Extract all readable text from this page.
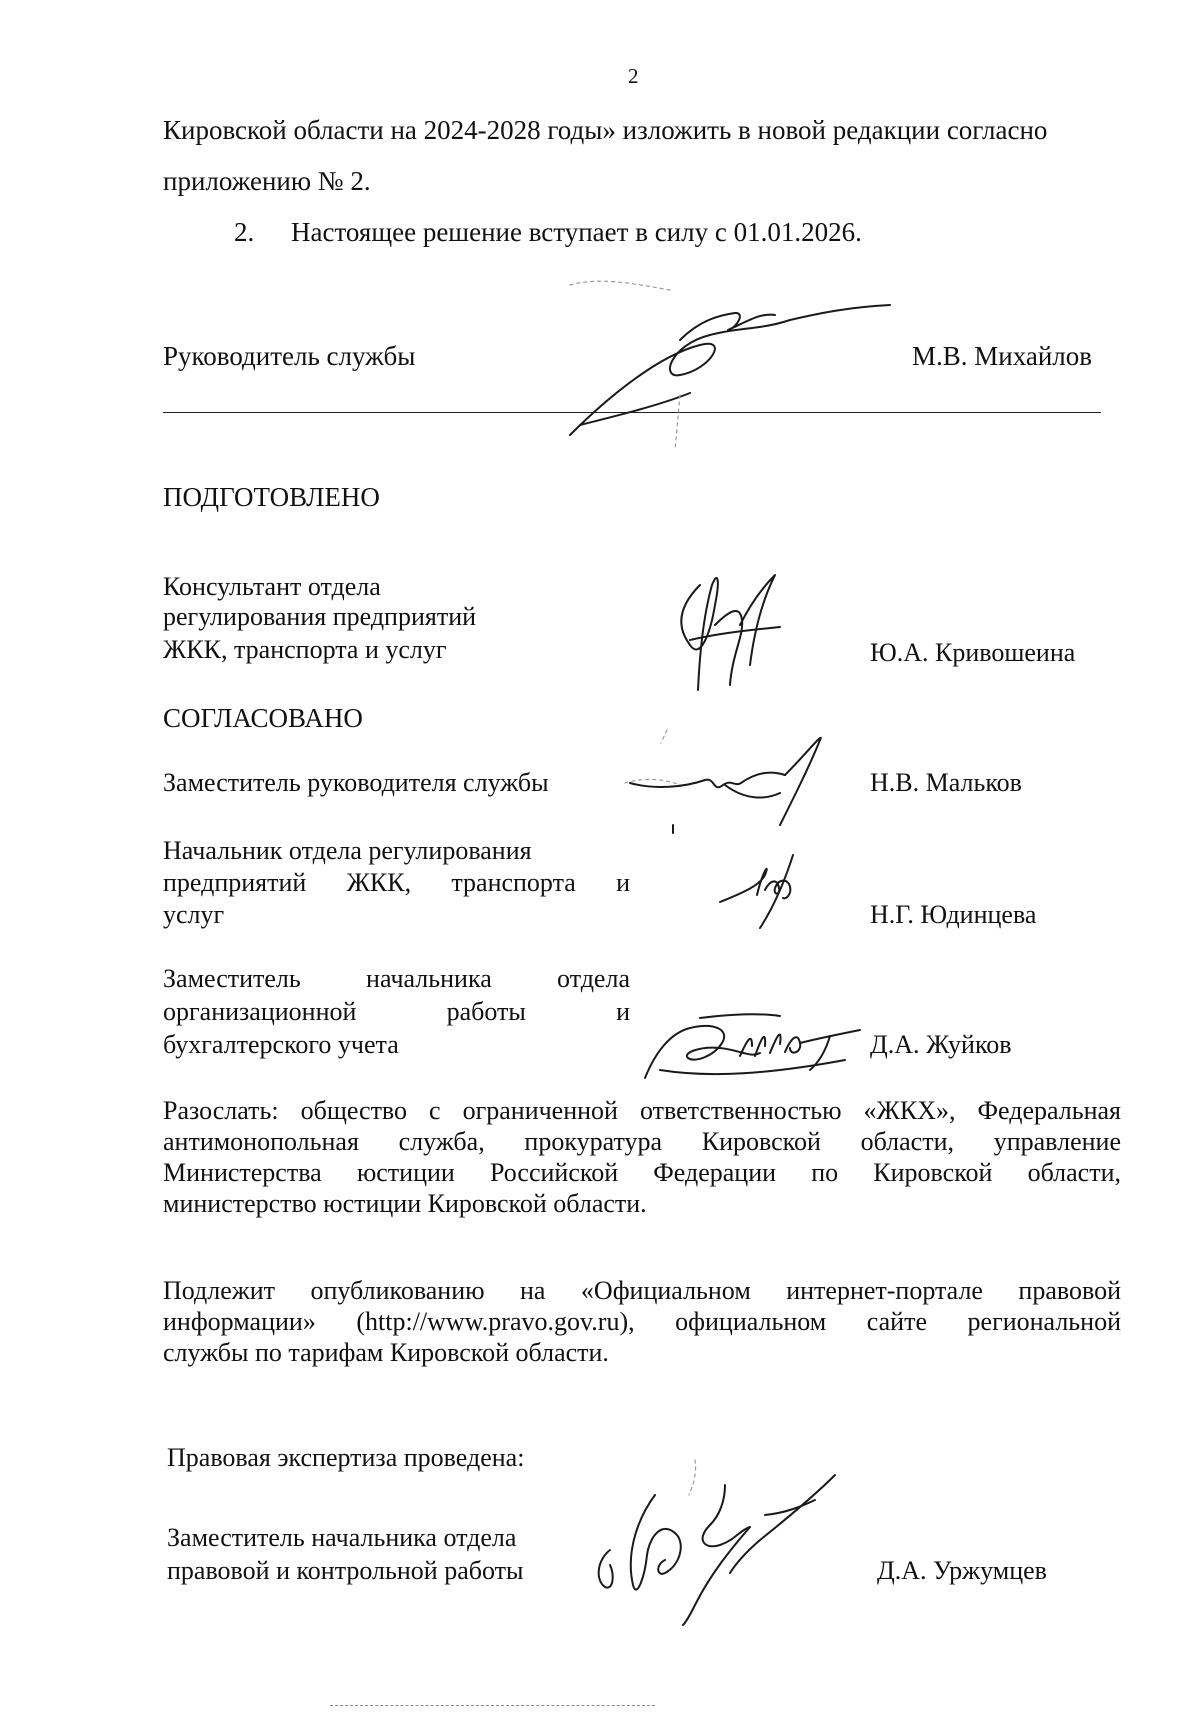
2
Кировской области на 2024-2028 годы» изложить в новой редакции согласно
приложению № 2.
2. Настоящее решение вступает в силу с 01.01.2026.
Руководитель службы	М.В. Михайлов
ПОДГОТОВЛЕНО
Консультант отдела
регулирования предприятий
ЖКК, транспорта и услуг	Ю.А. Кривошеина
СОГЛАСОВАНО
Заместитель руководителя службы	Н.В. Мальков
Начальник отдела регулирования
предприятий ЖКК, транспорта и
услуг	Н.Г. Юдинцева
Заместитель	начальника	отдела
организационной	работы	и
бухгалтерского учета	Д.А. Жуйков
Разослать: общество с ограниченной ответственностью «ЖКХ», Федеральная
антимонопольная служба, прокуратура Кировской области, управление
Министерства юстиции Российской Федерации по Кировской области,
министерство юстиции Кировской области.
Подлежит опубликованию на «Официальном интернет-портале правовой
информации» (http://www.pravo.gov.ru), официальном сайте региональной
службы по тарифам Кировской области.
Правовая экспертиза проведена:
Заместитель начальника отдела
правовой и контрольной работы	Д.А. Уржумцев
